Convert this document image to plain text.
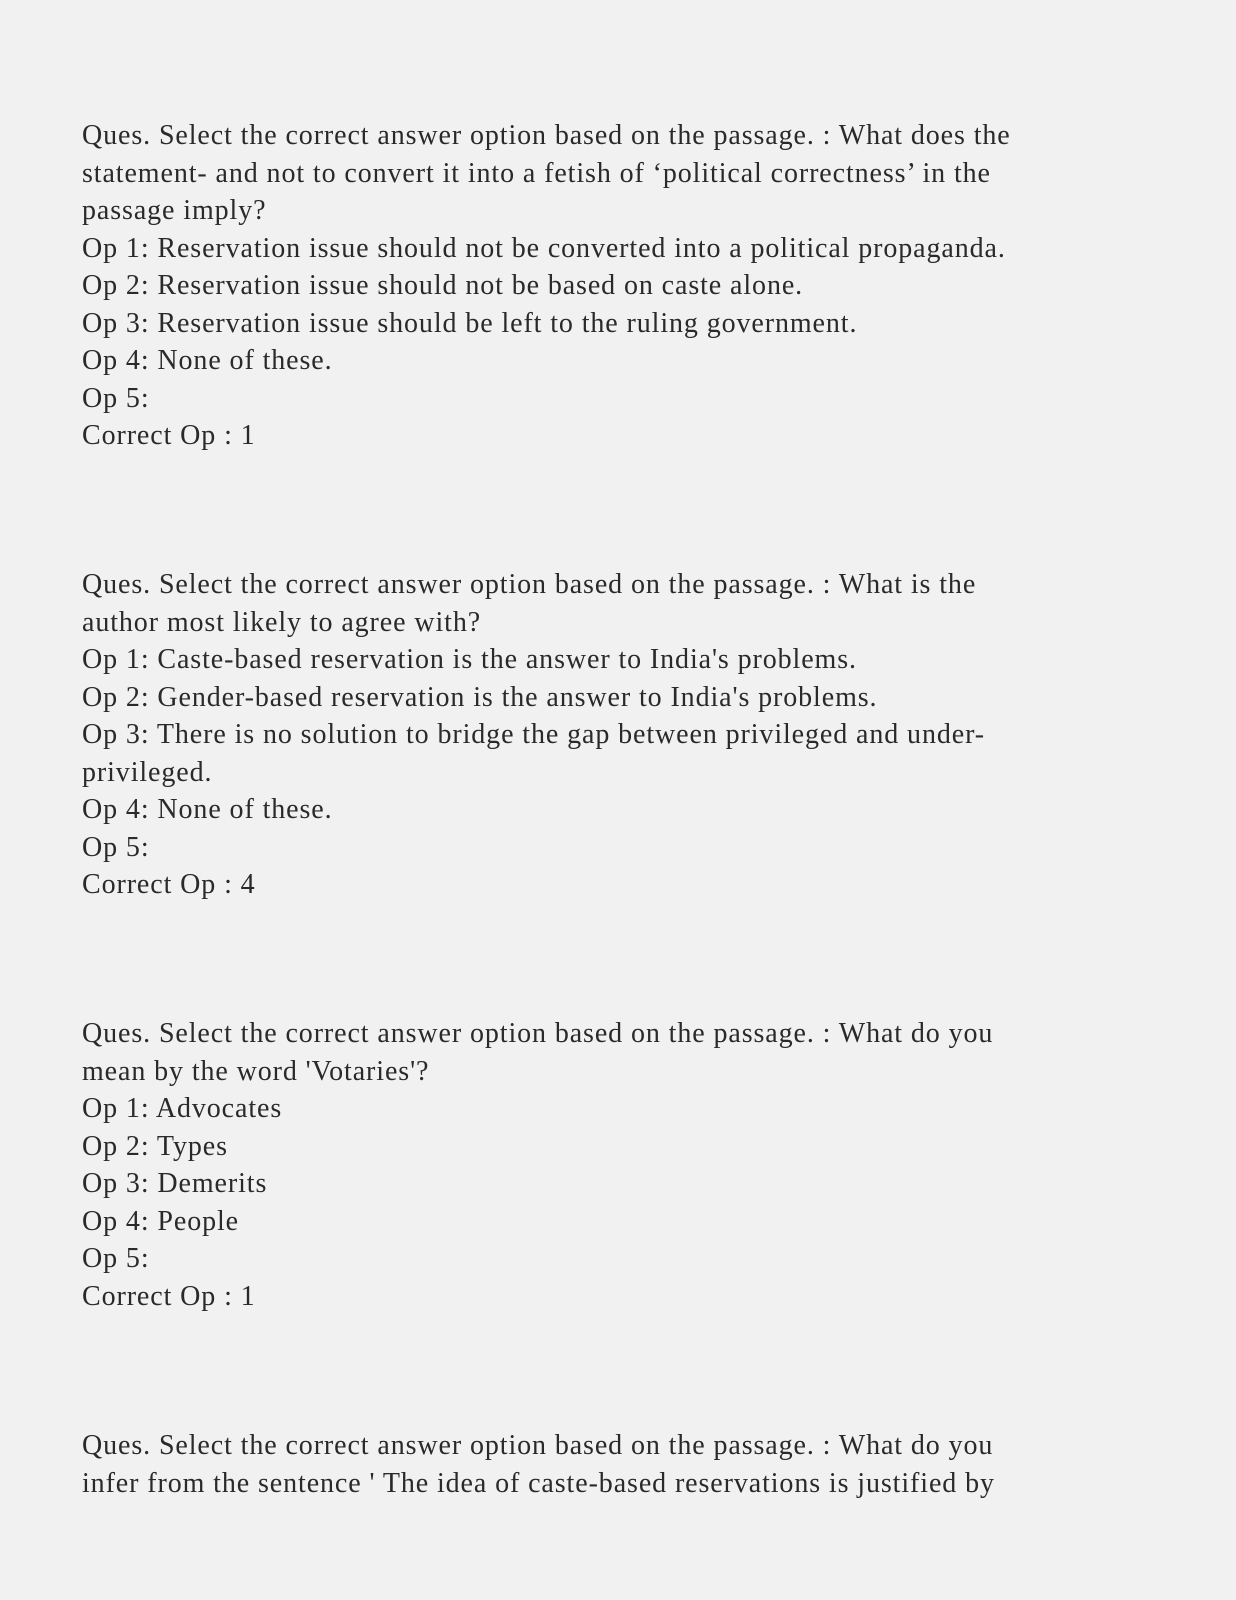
Ques. Select the correct answer option based on the passage. : What does the
statement- and not to convert it into a fetish of ‘political correctness’ in the
passage imply?
Op 1: Reservation issue should not be converted into a political propaganda.
Op 2: Reservation issue should not be based on caste alone.
Op 3: Reservation issue should be left to the ruling government.
Op 4: None of these.
Op 5:
Correct Op : 1
Ques. Select the correct answer option based on the passage. : What is the
author most likely to agree with?
Op 1: Caste-based reservation is the answer to India's problems.
Op 2: Gender-based reservation is the answer to India's problems.
Op 3: There is no solution to bridge the gap between privileged and under-
privileged.
Op 4: None of these.
Op 5:
Correct Op : 4
Ques. Select the correct answer option based on the passage. : What do you
mean by the word 'Votaries'?
Op 1: Advocates
Op 2: Types
Op 3: Demerits
Op 4: People
Op 5:
Correct Op : 1
Ques. Select the correct answer option based on the passage. : What do you
infer from the sentence ' The idea of caste-based reservations is justified by
